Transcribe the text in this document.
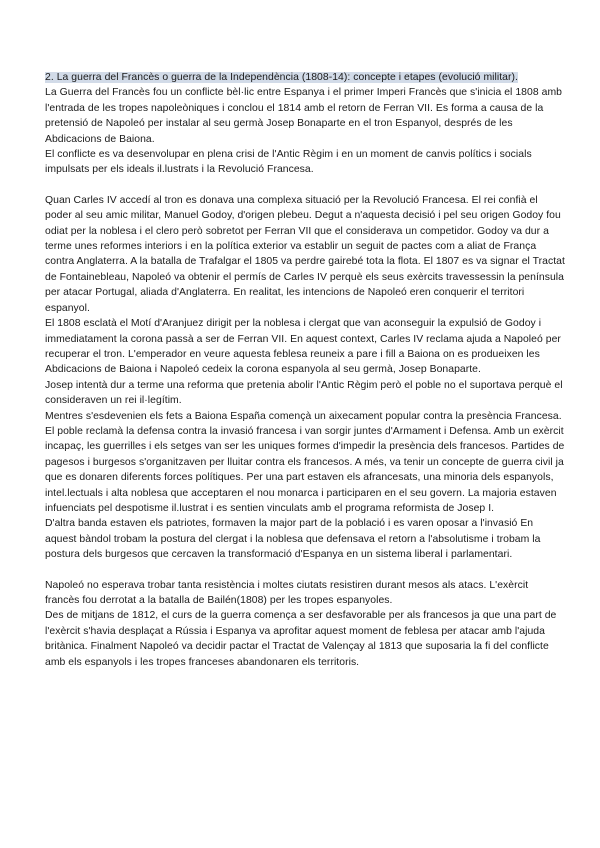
2. La guerra del Francès o guerra de la Independència (1808-14): concepte i etapes (evolució militar).

La Guerra del Francès fou un conflicte bèl·lic entre Espanya i el primer Imperi Francès que s'inicia el 1808 amb l'entrada de les tropes napoleòniques i conclou el 1814 amb el retorn de Ferran VII. Es forma a causa de la pretensió de Napoleó per instalar al seu germà Josep Bonaparte en el tron Espanyol, després de les Abdicacions de Baiona.

El conflicte es va desenvolupar en plena crisi de l'Antic Règim i en un moment de canvis polítics i socials impulsats per els ideals il.lustrats i la Revolució Francesa.

Quan Carles IV accedí al tron es donava una complexa situació per la Revolució Francesa. El rei confià el poder al seu amic militar, Manuel Godoy, d'origen plebeu. Degut a n'aquesta decisió i pel seu origen Godoy fou odiat per la noblesa i el clero però sobretot per Ferran VII que el considerava un competidor. Godoy va dur a terme unes reformes interiors i en la política exterior va establir un seguit de pactes com a aliat de França contra Anglaterra. A la batalla de Trafalgar el 1805 va perdre gairebé tota la flota. El 1807 es va signar el Tractat de Fontainebleau, Napoleó va obtenir el permís de Carles IV perquè els seus exèrcits travessessin la península per atacar Portugal, aliada d'Anglaterra. En realitat, les intencions de Napoleó eren conquerir el territori espanyol.

El 1808 esclatà el Motí d'Aranjuez dirigit per la noblesa i clergat que van aconseguir la expulsió de Godoy i immediatament la corona passà a ser de Ferran VII. En aquest context, Carles IV reclama ajuda a Napoleó per recuperar el tron. L'emperador en veure aquesta feblesa reuneix a pare i fill a Baiona on es produeixen les Abdicacions de Baiona i Napoleó cedeix la corona espanyola al seu germà, Josep Bonaparte.

Josep intentà dur a terme una reforma que pretenia abolir l'Antic Règim però el poble no el suportava perquè el consideraven un rei il·legítim.

Mentres s'esdevenien els fets a Baiona España començà un aixecament popular contra la presència Francesa. El poble reclamà la defensa contra la invasió francesa i van sorgir juntes d'Armament i Defensa. Amb un exèrcit incapaç, les guerrilles i els setges van ser les uniques formes d'impedir la presència dels francesos. Partides de pagesos i burgesos s'organitzaven per lluitar contra els francesos. A més, va tenir un concepte de guerra civil ja que es donaren diferents forces polítiques. Per una part estaven els afrancesats, una minoria dels espanyols, intel.lectuals i alta noblesa que acceptaren el nou monarca i participaren en el seu govern. La majoria estaven infuenciats pel despotisme il.lustrat i es sentien vinculats amb el programa reformista de Josep I.

D'altra banda estaven els patriotes, formaven la major part de la població i es varen oposar a l'invasió En aquest bàndol trobam la postura del clergat i la noblesa que defensava el retorn a l'absolutisme i trobam la postura dels burgesos que cercaven la transformació d'Espanya en un sistema liberal i parlamentari.

Napoleó no esperava trobar tanta resistència i moltes ciutats resistiren durant mesos als atacs. L'exèrcit francès fou derrotat a la batalla de Bailén(1808) per les tropes espanyoles.

Des de mitjans de 1812, el curs de la guerra comença a ser desfavorable per als francesos ja que una part de l'exèrcit s'havia desplaçat a Rússia i Espanya va aprofitar aquest moment de feblesa per atacar amb l'ajuda britànica. Finalment Napoleó va decidir pactar el Tractat de Valençay al 1813 que suposaria la fi del conflicte amb els espanyols i les tropes franceses abandonaren els territoris.
